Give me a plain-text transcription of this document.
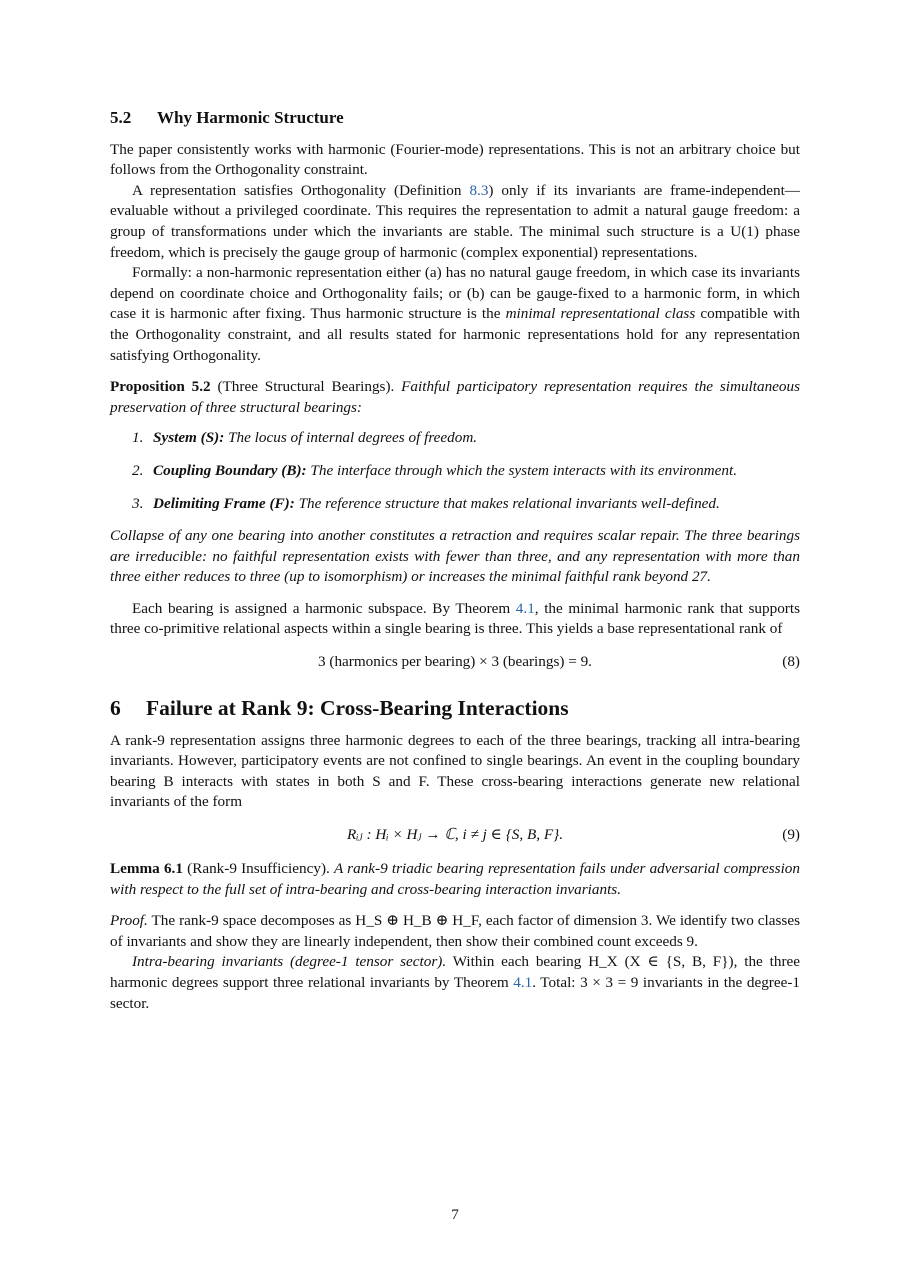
5.2 Why Harmonic Structure

The paper consistently works with harmonic (Fourier-mode) representations. This is not an arbitrary choice but follows from the Orthogonality constraint.

A representation satisfies Orthogonality (Definition 8.3) only if its invariants are frame-independent—evaluable without a privileged coordinate. This requires the representation to admit a natural gauge freedom: a group of transformations under which the invariants are stable. The minimal such structure is a U(1) phase freedom, which is precisely the gauge group of harmonic (complex exponential) representations.

Formally: a non-harmonic representation either (a) has no natural gauge freedom, in which case its invariants depend on coordinate choice and Orthogonality fails; or (b) can be gauge-fixed to a harmonic form, in which case it is harmonic after fixing. Thus harmonic structure is the minimal representational class compatible with the Orthogonality constraint, and all results stated for harmonic representations hold for any representation satisfying Orthogonality.

Proposition 5.2 (Three Structural Bearings). Faithful participatory representation requires the simultaneous preservation of three structural bearings:

1. System (S): The locus of internal degrees of freedom.
2. Coupling Boundary (B): The interface through which the system interacts with its environment.
3. Delimiting Frame (F): The reference structure that makes relational invariants well-defined.

Collapse of any one bearing into another constitutes a retraction and requires scalar repair. The three bearings are irreducible: no faithful representation exists with fewer than three, and any representation with more than three either reduces to three (up to isomorphism) or increases the minimal faithful rank beyond 27.

Each bearing is assigned a harmonic subspace. By Theorem 4.1, the minimal harmonic rank that supports three co-primitive relational aspects within a single bearing is three. This yields a base representational rank of

3 (harmonics per bearing) × 3 (bearings) = 9.	(8)
6 Failure at Rank 9: Cross-Bearing Interactions

A rank-9 representation assigns three harmonic degrees to each of the three bearings, tracking all intra-bearing invariants. However, participatory events are not confined to single bearings. An event in the coupling boundary bearing B interacts with states in both S and F. These cross-bearing interactions generate new relational invariants of the form

Rᵢⱼ : Hᵢ × Hⱼ → ℂ, i ≠ j ∈ {S, B, F}.	(9)

Lemma 6.1 (Rank-9 Insufficiency). A rank-9 triadic bearing representation fails under adversarial compression with respect to the full set of intra-bearing and cross-bearing interaction invariants.

Proof. The rank-9 space decomposes as H_S ⊕ H_B ⊕ H_F, each factor of dimension 3. We identify two classes of invariants and show they are linearly independent, then show their combined count exceeds 9.

Intra-bearing invariants (degree-1 tensor sector). Within each bearing H_X (X ∈ {S, B, F}), the three harmonic degrees support three relational invariants by Theorem 4.1. Total: 3 × 3 = 9 invariants in the degree-1 sector.

7
